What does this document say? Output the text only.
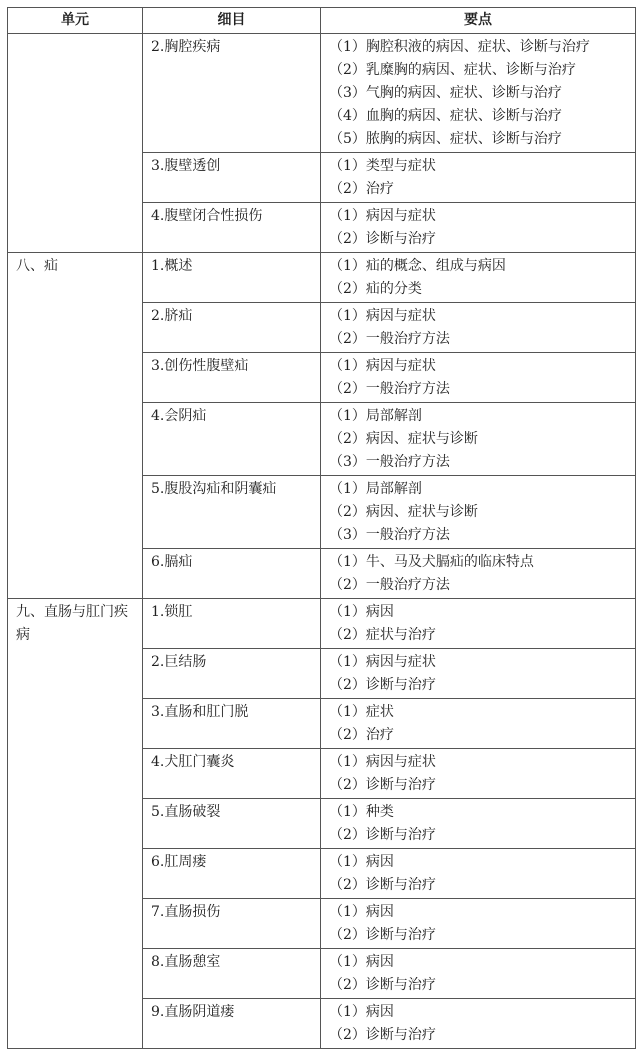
单元	细目	要点

	2.胸腔疾病	（1）胸腔积液的病因、症状、诊断与治疗
（2）乳糜胸的病因、症状、诊断与治疗
（3）气胸的病因、症状、诊断与治疗
（4）血胸的病因、症状、诊断与治疗
（5）脓胸的病因、症状、诊断与治疗

	3.腹壁透创	（1）类型与症状
（2）治疗

	4.腹壁闭合性损伤	（1）病因与症状
（2）诊断与治疗

八、疝	1.概述	（1）疝的概念、组成与病因
（2）疝的分类

	2.脐疝	（1）病因与症状
（2）一般治疗方法

	3.创伤性腹壁疝	（1）病因与症状
（2）一般治疗方法

	4.会阴疝	（1）局部解剖
（2）病因、症状与诊断
（3）一般治疗方法

	5.腹股沟疝和阴囊疝	（1）局部解剖
（2）病因、症状与诊断
（3）一般治疗方法

	6.膈疝	（1）牛、马及犬膈疝的临床特点
（2）一般治疗方法

九、直肠与肛门疾
病	1.锁肛	（1）病因
（2）症状与治疗

	2.巨结肠	（1）病因与症状
（2）诊断与治疗

	3.直肠和肛门脱	（1）症状
（2）治疗

	4.犬肛门囊炎	（1）病因与症状
（2）诊断与治疗

	5.直肠破裂	（1）种类
（2）诊断与治疗

	6.肛周瘘	（1）病因
（2）诊断与治疗

	7.直肠损伤	（1）病因
（2）诊断与治疗

	8.直肠憩室	（1）病因
（2）诊断与治疗

	9.直肠阴道瘘	（1）病因
（2）诊断与治疗
